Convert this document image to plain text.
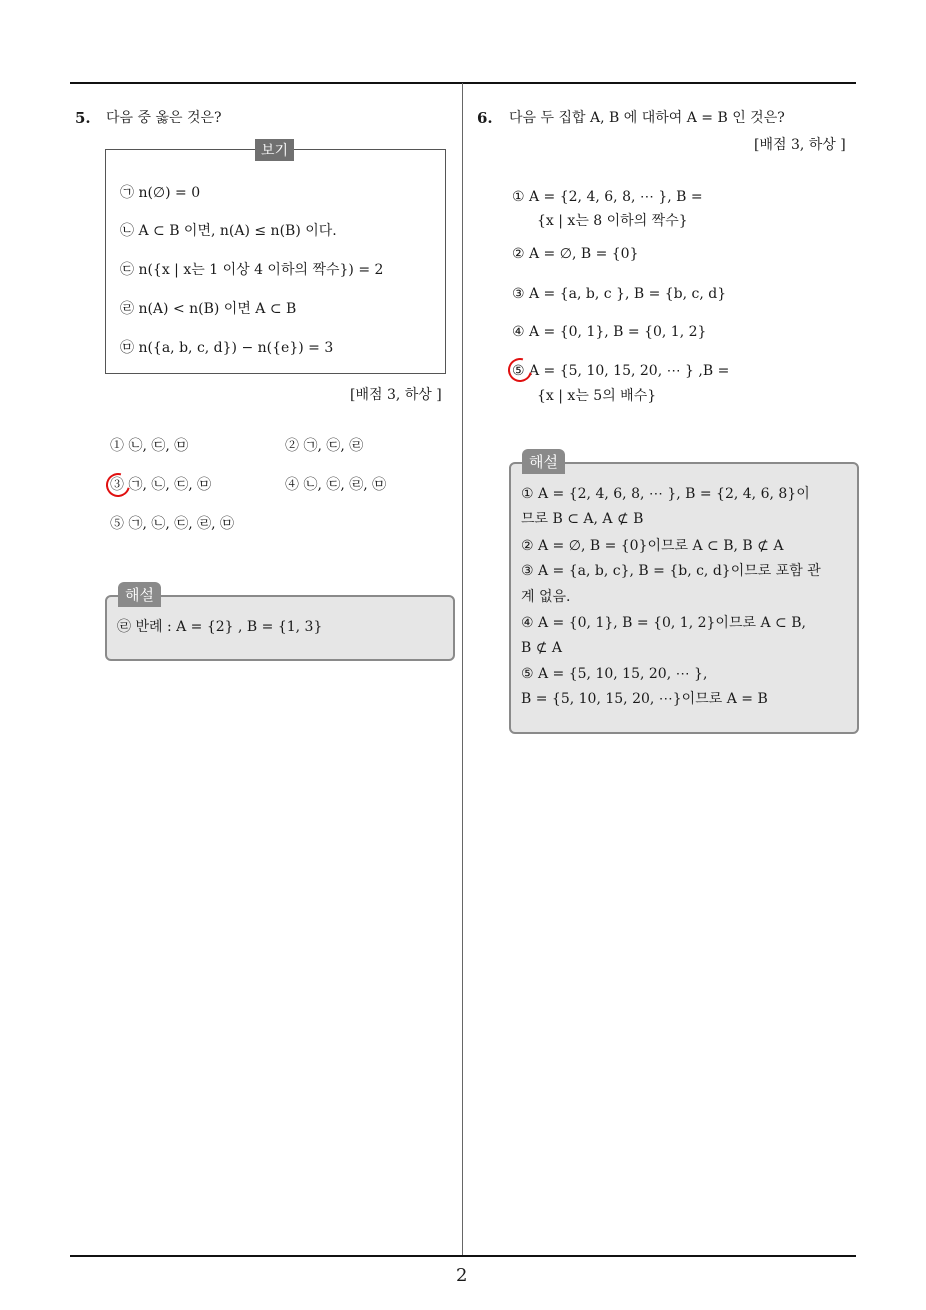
5. 다음 중 옳은 것은?
보기
㉠ n(∅) = 0
㉡ A ⊂ B 이면, n(A) ≤ n(B) 이다.
㉢ n({x | x는 1 이상 4 이하의 짝수}) = 2
㉣ n(A) < n(B) 이면 A ⊂ B
㉤ n({a, b, c, d}) − n({e}) = 3
[배점 3, 하상 ]
① ㉡, ㉢, ㉤	② ㉠, ㉢, ㉣
③ ㉠, ㉡, ㉢, ㉤	④ ㉡, ㉢, ㉣, ㉤
⑤ ㉠, ㉡, ㉢, ㉣, ㉤
해설
㉣ 반례 : A = {2} , B = {1, 3}
6. 다음 두 집합 A, B 에 대하여 A = B 인 것은?
[배점 3, 하상 ]
① A = {2, 4, 6, 8, ⋯ }, B =
{x | x는 8 이하의 짝수}
② A = ∅, B = {0}
③ A = {a, b, c }, B = {b, c, d}
④ A = {0, 1}, B = {0, 1, 2}
⑤ A = {5, 10, 15, 20, ⋯ } ,B =
{x | x는 5의 배수}
해설
① A = {2, 4, 6, 8, ⋯ }, B = {2, 4, 6, 8}이
므로 B ⊂ A, A ⊄ B
② A = ∅, B = {0}이므로 A ⊂ B, B ⊄ A
③ A = {a, b, c}, B = {b, c, d}이므로 포함 관
계 없음.
④ A = {0, 1}, B = {0, 1, 2}이므로 A ⊂ B,
B ⊄ A
⑤ A = {5, 10, 15, 20, ⋯ },
B = {5, 10, 15, 20, ⋯}이므로 A = B
2
